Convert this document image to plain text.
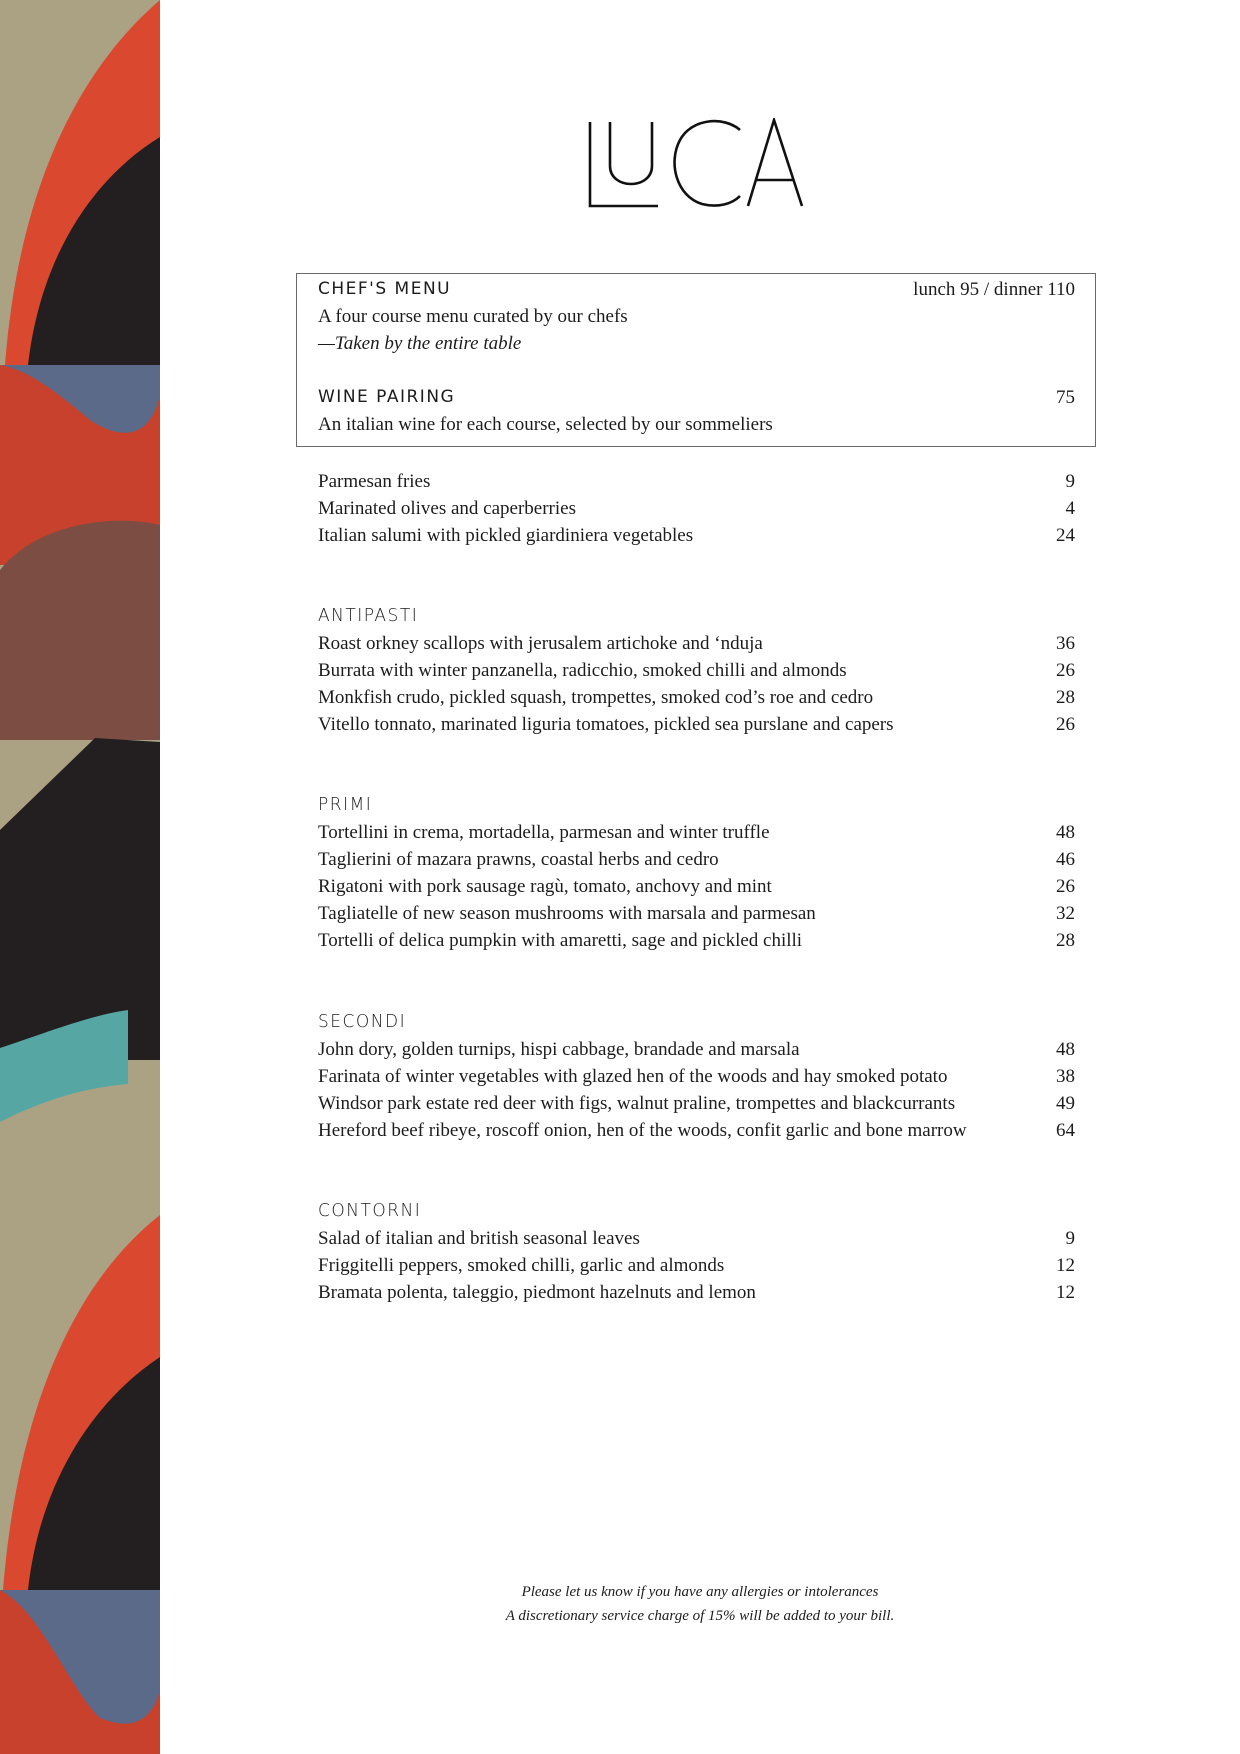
CHEF'S MENU	lunch 95 / dinner 110
A four course menu curated by our chefs
—Taken by the entire table
WINE PAIRING	75
An italian wine for each course, selected by our sommeliers
Parmesan fries	9
Marinated olives and caperberries	4
Italian salumi with pickled giardiniera vegetables	24
ANTIPASTI
Roast orkney scallops with jerusalem artichoke and ‘nduja	36
Burrata with winter panzanella, radicchio, smoked chilli and almonds	26
Monkfish crudo, pickled squash, trompettes, smoked cod’s roe and cedro	28
Vitello tonnato, marinated liguria tomatoes, pickled sea purslane and capers	26
PRIMI
Tortellini in crema, mortadella, parmesan and winter truffle	48
Taglierini of mazara prawns, coastal herbs and cedro	46
Rigatoni with pork sausage ragù, tomato, anchovy and mint	26
Tagliatelle of new season mushrooms with marsala and parmesan	32
Tortelli of delica pumpkin with amaretti, sage and pickled chilli	28
SECONDI
John dory, golden turnips, hispi cabbage, brandade and marsala	48
Farinata of winter vegetables with glazed hen of the woods and hay smoked potato	38
Windsor park estate red deer with figs, walnut praline, trompettes and blackcurrants	49
Hereford beef ribeye, roscoff onion, hen of the woods, confit garlic and bone marrow	64
CONTORNI
Salad of italian and british seasonal leaves	9
Friggitelli peppers, smoked chilli, garlic and almonds	12
Bramata polenta, taleggio, piedmont hazelnuts and lemon	12
Please let us know if you have any allergies or intolerances
A discretionary service charge of 15% will be added to your bill.
